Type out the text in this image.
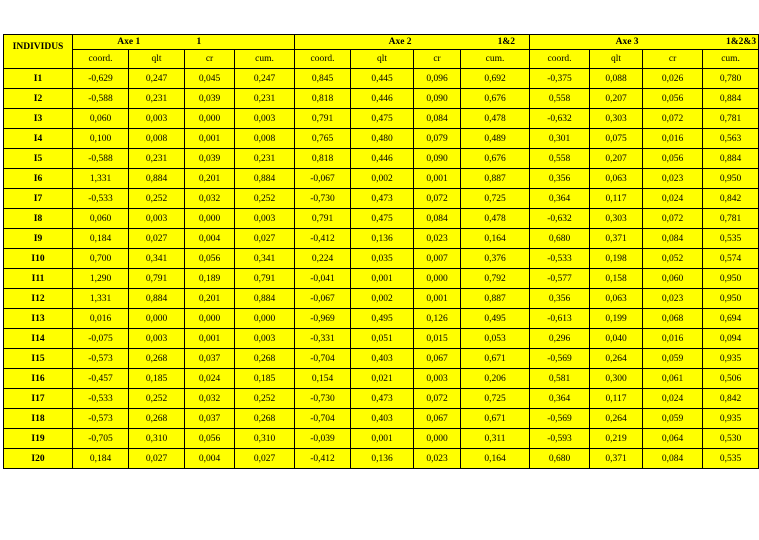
INDIVIDUS	Axe 1		1		Axe 2		1&2		Axe 3		1&2&3	
	coord.	qlt	cr	cum.	coord.	qlt	cr	cum.	coord.	qlt	cr	cum.
I1	-0,629	0,247	0,045	0,247	0,845	0,445	0,096	0,692	-0,375	0,088	0,026	0,780
I2	-0,588	0,231	0,039	0,231	0,818	0,446	0,090	0,676	0,558	0,207	0,056	0,884
I3	0,060	0,003	0,000	0,003	0,791	0,475	0,084	0,478	-0,632	0,303	0,072	0,781
I4	0,100	0,008	0,001	0,008	0,765	0,480	0,079	0,489	0,301	0,075	0,016	0,563
I5	-0,588	0,231	0,039	0,231	0,818	0,446	0,090	0,676	0,558	0,207	0,056	0,884
I6	1,331	0,884	0,201	0,884	-0,067	0,002	0,001	0,887	0,356	0,063	0,023	0,950
I7	-0,533	0,252	0,032	0,252	-0,730	0,473	0,072	0,725	0,364	0,117	0,024	0,842
I8	0,060	0,003	0,000	0,003	0,791	0,475	0,084	0,478	-0,632	0,303	0,072	0,781
I9	0,184	0,027	0,004	0,027	-0,412	0,136	0,023	0,164	0,680	0,371	0,084	0,535
I10	0,700	0,341	0,056	0,341	0,224	0,035	0,007	0,376	-0,533	0,198	0,052	0,574
I11	1,290	0,791	0,189	0,791	-0,041	0,001	0,000	0,792	-0,577	0,158	0,060	0,950
I12	1,331	0,884	0,201	0,884	-0,067	0,002	0,001	0,887	0,356	0,063	0,023	0,950
I13	0,016	0,000	0,000	0,000	-0,969	0,495	0,126	0,495	-0,613	0,199	0,068	0,694
I14	-0,075	0,003	0,001	0,003	-0,331	0,051	0,015	0,053	0,296	0,040	0,016	0,094
I15	-0,573	0,268	0,037	0,268	-0,704	0,403	0,067	0,671	-0,569	0,264	0,059	0,935
I16	-0,457	0,185	0,024	0,185	0,154	0,021	0,003	0,206	0,581	0,300	0,061	0,506
I17	-0,533	0,252	0,032	0,252	-0,730	0,473	0,072	0,725	0,364	0,117	0,024	0,842
I18	-0,573	0,268	0,037	0,268	-0,704	0,403	0,067	0,671	-0,569	0,264	0,059	0,935
I19	-0,705	0,310	0,056	0,310	-0,039	0,001	0,000	0,311	-0,593	0,219	0,064	0,530
I20	0,184	0,027	0,004	0,027	-0,412	0,136	0,023	0,164	0,680	0,371	0,084	0,535
